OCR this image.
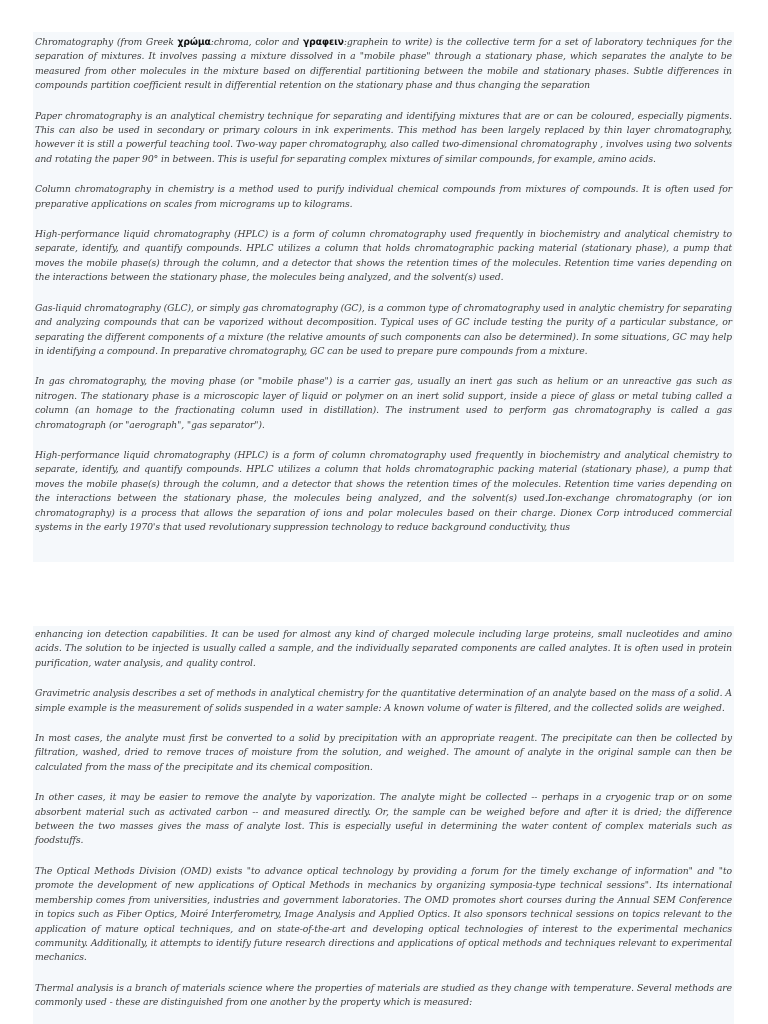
Chromatography (from Greek χρώμα:chroma, color and γραφειν:graphein to write) is the collective term for a set of laboratory techniques for the separation of mixtures. It involves passing a mixture dissolved in a "mobile phase" through a stationary phase, which separates the analyte to be measured from other molecules in the mixture based on differential partitioning between the mobile and stationary phases. Subtle differences in compounds partition coefficient result in differential retention on the stationary phase and thus changing the separation

Paper chromatography is an analytical chemistry technique for separating and identifying mixtures that are or can be coloured, especially pigments. This can also be used in secondary or primary colours in ink experiments. This method has been largely replaced by thin layer chromatography, however it is still a powerful teaching tool. Two-way paper chromatography, also called two-dimensional chromatography , involves using two solvents and rotating the paper 90° in between. This is useful for separating complex mixtures of similar compounds, for example, amino acids.

Column chromatography in chemistry is a method used to purify individual chemical compounds from mixtures of compounds. It is often used for preparative applications on scales from micrograms up to kilograms.

High-performance liquid chromatography (HPLC) is a form of column chromatography used frequently in biochemistry and analytical chemistry to separate, identify, and quantify compounds. HPLC utilizes a column that holds chromatographic packing material (stationary phase), a pump that moves the mobile phase(s) through the column, and a detector that shows the retention times of the molecules. Retention time varies depending on the interactions between the stationary phase, the molecules being analyzed, and the solvent(s) used.

Gas-liquid chromatography (GLC), or simply gas chromatography (GC), is a common type of chromatography used in analytic chemistry for separating and analyzing compounds that can be vaporized without decomposition. Typical uses of GC include testing the purity of a particular substance, or separating the different components of a mixture (the relative amounts of such components can also be determined). In some situations, GC may help in identifying a compound. In preparative chromatography, GC can be used to prepare pure compounds from a mixture.

In gas chromatography, the moving phase (or "mobile phase") is a carrier gas, usually an inert gas such as helium or an unreactive gas such as nitrogen. The stationary phase is a microscopic layer of liquid or polymer on an inert solid support, inside a piece of glass or metal tubing called a column (an homage to the fractionating column used in distillation). The instrument used to perform gas chromatography is called a gas chromatograph (or "aerograph", "gas separator").

High-performance liquid chromatography (HPLC) is a form of column chromatography used frequently in biochemistry and analytical chemistry to separate, identify, and quantify compounds. HPLC utilizes a column that holds chromatographic packing material (stationary phase), a pump that moves the mobile phase(s) through the column, and a detector that shows the retention times of the molecules. Retention time varies depending on the interactions between the stationary phase, the molecules being analyzed, and the solvent(s) used.Ion-exchange chromatography (or ion chromatography) is a process that allows the separation of ions and polar molecules based on their charge. Dionex Corp introduced commercial systems in the early 1970's that used revolutionary suppression technology to reduce background conductivity, thus

enhancing ion detection capabilities. It can be used for almost any kind of charged molecule including large proteins, small nucleotides and amino acids. The solution to be injected is usually called a sample, and the individually separated components are called analytes. It is often used in protein purification, water analysis, and quality control.

Gravimetric analysis describes a set of methods in analytical chemistry for the quantitative determination of an analyte based on the mass of a solid. A simple example is the measurement of solids suspended in a water sample: A known volume of water is filtered, and the collected solids are weighed.

In most cases, the analyte must first be converted to a solid by precipitation with an appropriate reagent. The precipitate can then be collected by filtration, washed, dried to remove traces of moisture from the solution, and weighed. The amount of analyte in the original sample can then be calculated from the mass of the precipitate and its chemical composition.

In other cases, it may be easier to remove the analyte by vaporization. The analyte might be collected -- perhaps in a cryogenic trap or on some absorbent material such as activated carbon -- and measured directly. Or, the sample can be weighed before and after it is dried; the difference between the two masses gives the mass of analyte lost. This is especially useful in determining the water content of complex materials such as foodstuffs.

The Optical Methods Division (OMD) exists "to advance optical technology by providing a forum for the timely exchange of information" and "to promote the development of new applications of Optical Methods in mechanics by organizing symposia-type technical sessions". Its international membership comes from universities, industries and government laboratories. The OMD promotes short courses during the Annual SEM Conference in topics such as Fiber Optics, Moiré Interferometry, Image Analysis and Applied Optics. It also sponsors technical sessions on topics relevant to the application of mature optical techniques, and on state-of-the-art and developing optical technologies of interest to the experimental mechanics community. Additionally, it attempts to identify future research directions and applications of optical methods and techniques relevant to experimental mechanics.

Thermal analysis is a branch of materials science where the properties of materials are studied as they change with temperature. Several methods are commonly used - these are distinguished from one another by the property which is measured:
